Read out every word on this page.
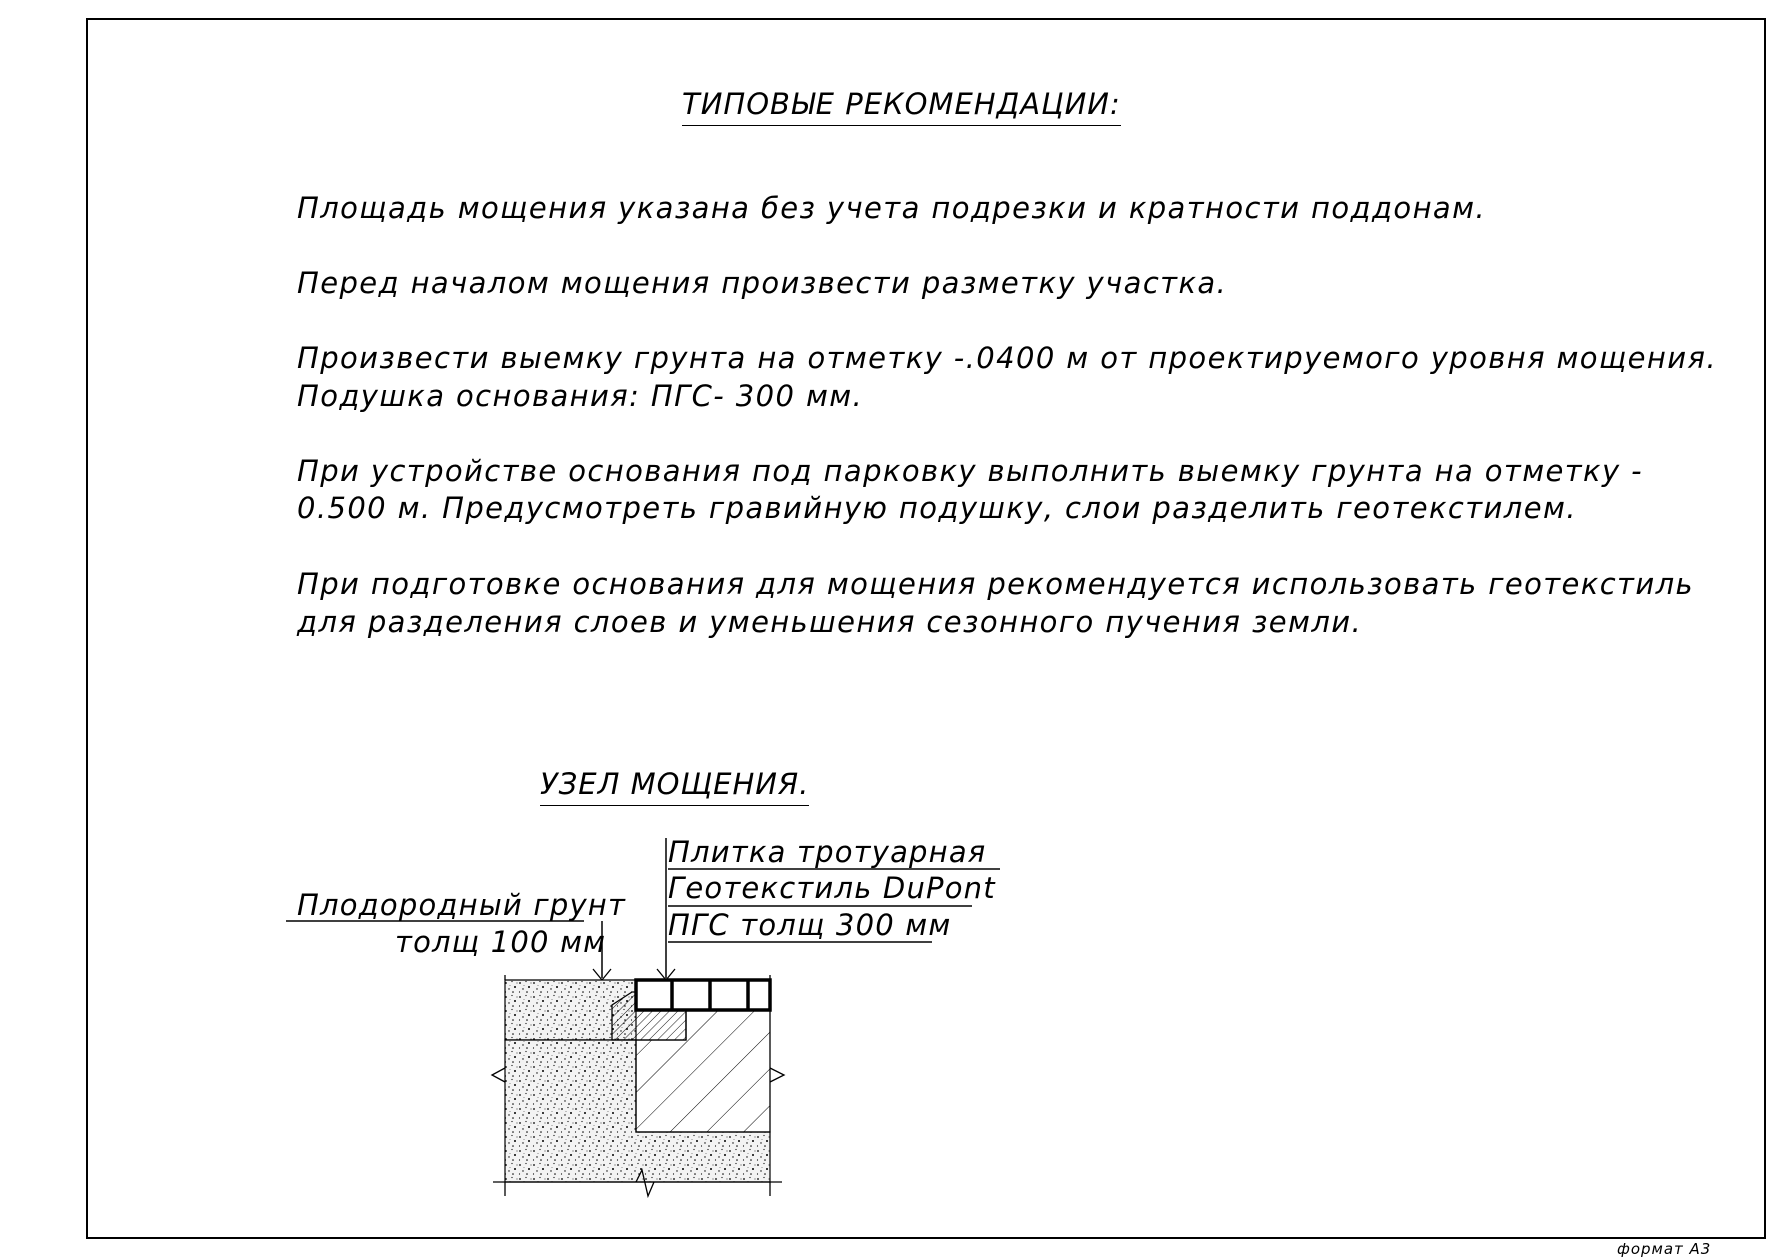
ТИПОВЫЕ РЕКОМЕНДАЦИИ:
Площадь мощения указана без учета подрезки и кратности поддонам.
Перед началом мощения произвести разметку участка.
Произвести выемку грунта на отметку -.0400 м от проектируемого уровня мощения.
Подушка основания: ПГС- 300 мм.
При устройстве основания под парковку выполнить выемку грунта на отметку -
0.500 м. Предусмотреть гравийную подушку, слои разделить геотекстилем.
При подготовке основания для мощения рекомендуется использовать геотекстиль
для разделения слоев и уменьшения сезонного пучения земли.
УЗЕЛ МОЩЕНИЯ.
Плодородный грунт
толщ 100 мм
Плитка тротуарная
Геотекстиль DuPont
ПГС толщ 300 мм
формат А3
